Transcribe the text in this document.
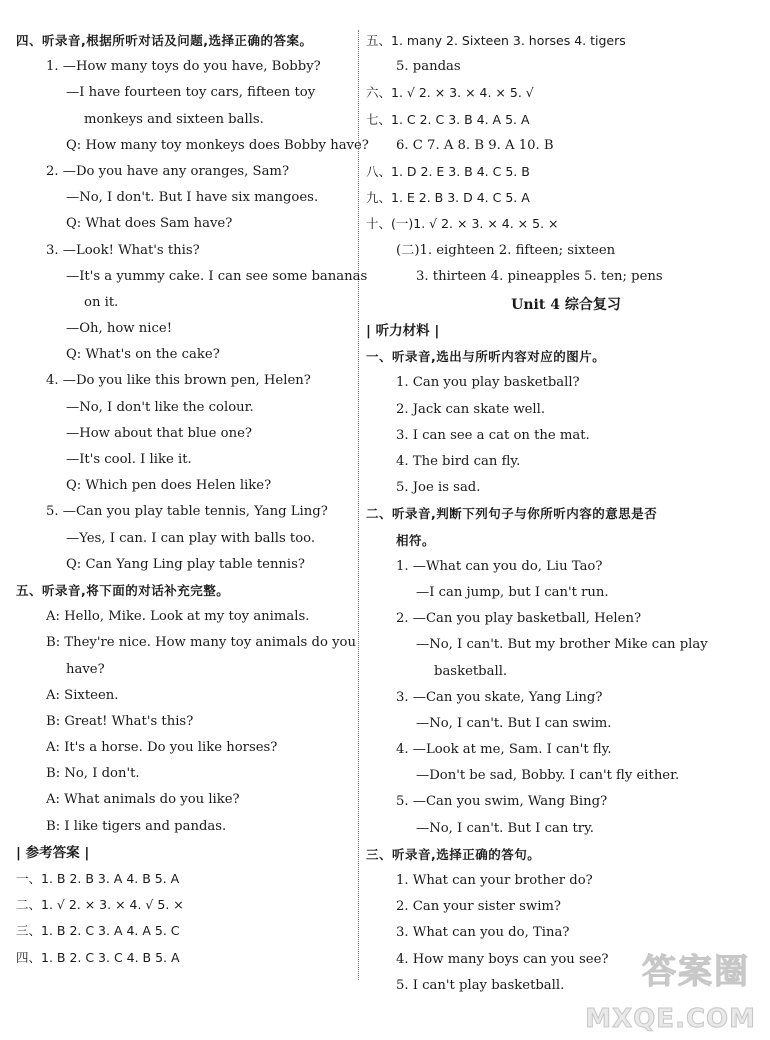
四、听录音,根据所听对话及问题,选择正确的答案。
1. —How many toys do you have, Bobby?
—I have fourteen toy cars, fifteen toy
monkeys and sixteen balls.
Q: How many toy monkeys does Bobby have?
2. —Do you have any oranges, Sam?
—No, I don't. But I have six mangoes.
Q: What does Sam have?
3. —Look! What's this?
—It's a yummy cake. I can see some bananas
on it.
—Oh, how nice!
Q: What's on the cake?
4. —Do you like this brown pen, Helen?
—No, I don't like the colour.
—How about that blue one?
—It's cool. I like it.
Q: Which pen does Helen like?
5. —Can you play table tennis, Yang Ling?
—Yes, I can. I can play with balls too.
Q: Can Yang Ling play table tennis?
五、听录音,将下面的对话补充完整。
A: Hello, Mike. Look at my toy animals.
B: They're nice. How many toy animals do you
have?
A: Sixteen.
B: Great! What's this?
A: It's a horse. Do you like horses?
B: No, I don't.
A: What animals do you like?
B: I like tigers and pandas.
| 参考答案 |
一、1. B 2. B 3. A 4. B 5. A
二、1. √ 2. × 3. × 4. √ 5. ×
三、1. B 2. C 3. A 4. A 5. C
四、1. B 2. C 3. C 4. B 5. A
五、1. many 2. Sixteen 3. horses 4. tigers
5. pandas
六、1. √ 2. × 3. × 4. × 5. √
七、1. C 2. C 3. B 4. A 5. A
6. C 7. A 8. B 9. A 10. B
八、1. D 2. E 3. B 4. C 5. B
九、1. E 2. B 3. D 4. C 5. A
十、(一)1. √ 2. × 3. × 4. × 5. ×
(二)1. eighteen 2. fifteen; sixteen
3. thirteen 4. pineapples 5. ten; pens
Unit 4 综合复习
| 听力材料 |
一、听录音,选出与所听内容对应的图片。
1. Can you play basketball?
2. Jack can skate well.
3. I can see a cat on the mat.
4. The bird can fly.
5. Joe is sad.
二、听录音,判断下列句子与你所听内容的意思是否
相符。
1. —What can you do, Liu Tao?
—I can jump, but I can't run.
2. —Can you play basketball, Helen?
—No, I can't. But my brother Mike can play
basketball.
3. —Can you skate, Yang Ling?
—No, I can't. But I can swim.
4. —Look at me, Sam. I can't fly.
—Don't be sad, Bobby. I can't fly either.
5. —Can you swim, Wang Bing?
—No, I can't. But I can try.
三、听录音,选择正确的答句。
1. What can your brother do?
2. Can your sister swim?
3. What can you do, Tina?
4. How many boys can you see?
5. I can't play basketball.	答案圈
MXQE.COM
